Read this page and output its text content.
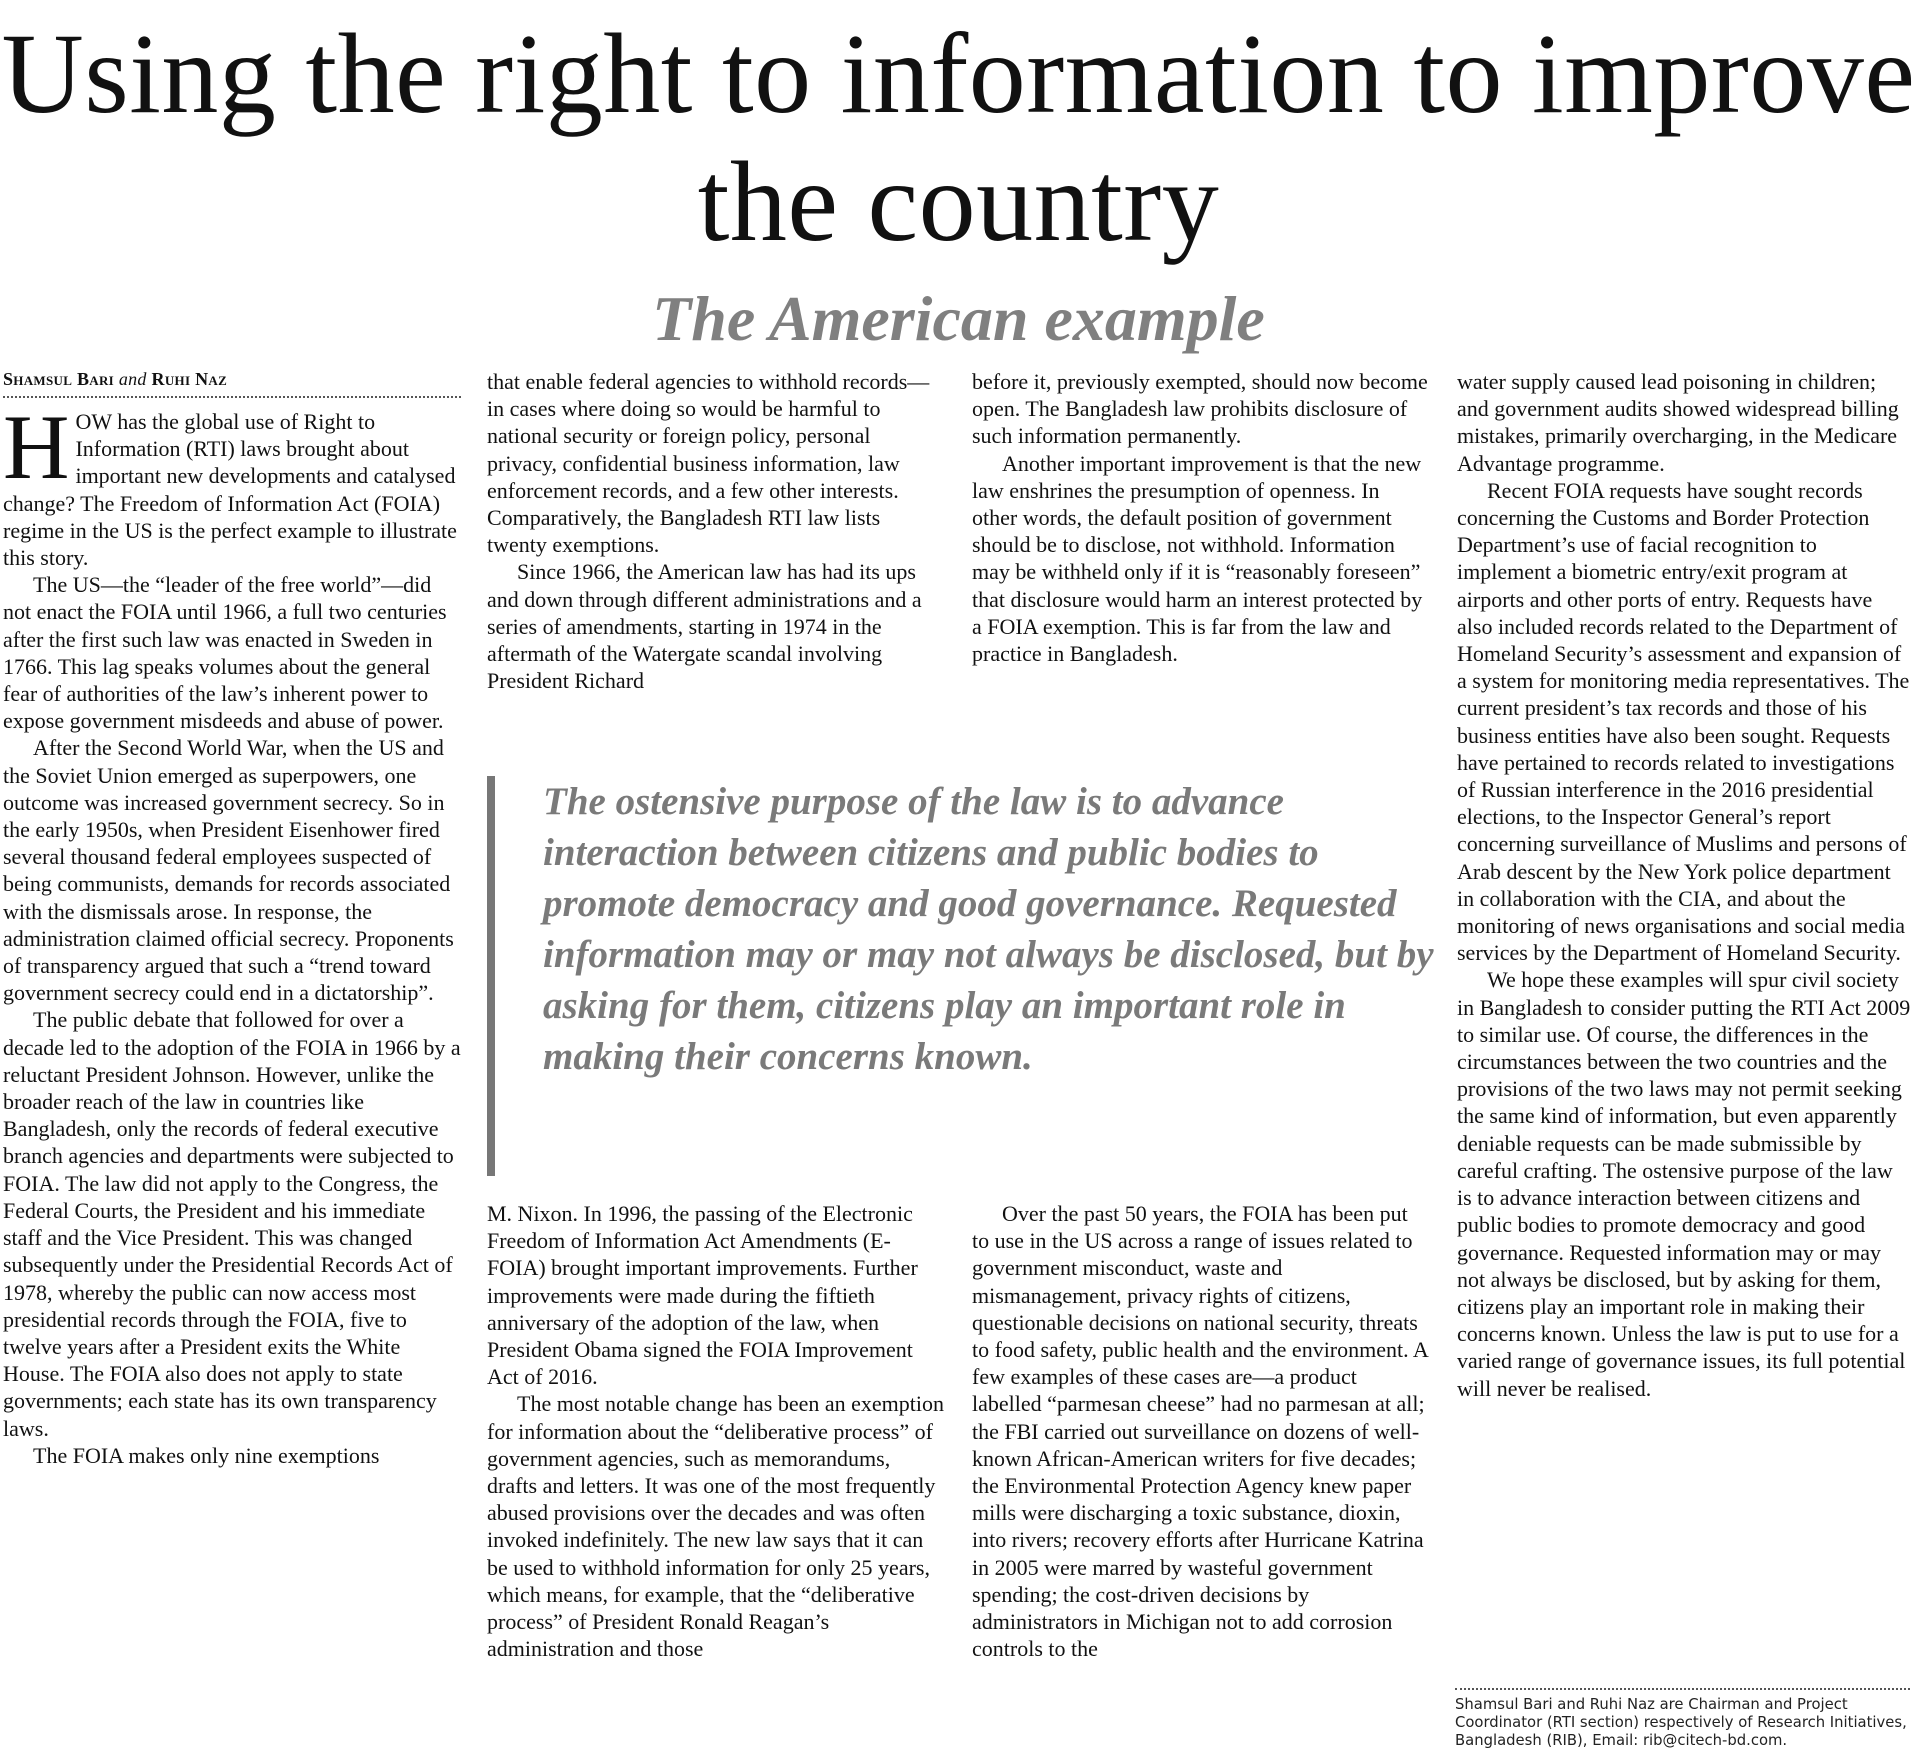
Using the right to information to improve the country
The American example
Shamsul Bari and Ruhi Naz

HOW has the global use of Right to Information (RTI) laws brought about important new developments and catalysed change? The Freedom of Information Act (FOIA) regime in the US is the perfect example to illustrate this story.

The US—the “leader of the free world”—did not enact the FOIA until 1966, a full two centuries after the first such law was enacted in Sweden in 1766. This lag speaks volumes about the general fear of authorities of the law’s inherent power to expose government misdeeds and abuse of power.

After the Second World War, when the US and the Soviet Union emerged as superpowers, one outcome was increased government secrecy. So in the early 1950s, when President Eisenhower fired several thousand federal employees suspected of being communists, demands for records associated with the dismissals arose. In response, the administration claimed official secrecy. Proponents of transparency argued that such a “trend toward government secrecy could end in a dictatorship”.

The public debate that followed for over a decade led to the adoption of the FOIA in 1966 by a reluctant President Johnson. However, unlike the broader reach of the law in countries like Bangladesh, only the records of federal executive branch agencies and departments were subjected to FOIA. The law did not apply to the Congress, the Federal Courts, the President and his immediate staff and the Vice President. This was changed subsequently under the Presidential Records Act of 1978, whereby the public can now access most presidential records through the FOIA, five to twelve years after a President exits the White House. The FOIA also does not apply to state governments; each state has its own transparency laws.

The FOIA makes only nine exemptions

that enable federal agencies to withhold records—in cases where doing so would be harmful to national security or foreign policy, personal privacy, confidential business information, law enforcement records, and a few other interests. Comparatively, the Bangladesh RTI law lists twenty exemptions.

Since 1966, the American law has had its ups and down through different administrations and a series of amendments, starting in 1974 in the aftermath of the Watergate scandal involving President Richard

before it, previously exempted, should now become open. The Bangladesh law prohibits disclosure of such information permanently.

Another important improvement is that the new law enshrines the presumption of openness. In other words, the default position of government should be to disclose, not withhold. Information may be withheld only if it is “reasonably foreseen” that disclosure would harm an interest protected by a FOIA exemption. This is far from the law and practice in Bangladesh.

The ostensive purpose of the law is to advance interaction between citizens and public bodies to promote democracy and good governance. Requested information may or may not always be disclosed, but by asking for them, citizens play an important role in making their concerns known.

M. Nixon. In 1996, the passing of the Electronic Freedom of Information Act Amendments (E-FOIA) brought important improvements. Further improvements were made during the fiftieth anniversary of the adoption of the law, when President Obama signed the FOIA Improvement Act of 2016.

The most notable change has been an exemption for information about the “deliberative process” of government agencies, such as memorandums, drafts and letters. It was one of the most frequently abused provisions over the decades and was often invoked indefinitely. The new law says that it can be used to withhold information for only 25 years, which means, for example, that the “deliberative process” of President Ronald Reagan’s administration and those

Over the past 50 years, the FOIA has been put to use in the US across a range of issues related to government misconduct, waste and mismanagement, privacy rights of citizens, questionable decisions on national security, threats to food safety, public health and the environment. A few examples of these cases are—a product labelled “parmesan cheese” had no parmesan at all; the FBI carried out surveillance on dozens of well-known African-American writers for five decades; the Environmental Protection Agency knew paper mills were discharging a toxic substance, dioxin, into rivers; recovery efforts after Hurricane Katrina in 2005 were marred by wasteful government spending; the cost-driven decisions by administrators in Michigan not to add corrosion controls to the

water supply caused lead poisoning in children; and government audits showed widespread billing mistakes, primarily overcharging, in the Medicare Advantage programme.

Recent FOIA requests have sought records concerning the Customs and Border Protection Department’s use of facial recognition to implement a biometric entry/exit program at airports and other ports of entry. Requests have also included records related to the Department of Homeland Security’s assessment and expansion of a system for monitoring media representatives. The current president’s tax records and those of his business entities have also been sought. Requests have pertained to records related to investigations of Russian interference in the 2016 presidential elections, to the Inspector General’s report concerning surveillance of Muslims and persons of Arab descent by the New York police department in collaboration with the CIA, and about the monitoring of news organisations and social media services by the Department of Homeland Security.

We hope these examples will spur civil society in Bangladesh to consider putting the RTI Act 2009 to similar use. Of course, the differences in the circumstances between the two countries and the provisions of the two laws may not permit seeking the same kind of information, but even apparently deniable requests can be made submissible by careful crafting. The ostensive purpose of the law is to advance interaction between citizens and public bodies to promote democracy and good governance. Requested information may or may not always be disclosed, but by asking for them, citizens play an important role in making their concerns known. Unless the law is put to use for a varied range of governance issues, its full potential will never be realised.

Shamsul Bari and Ruhi Naz are Chairman and Project Coordinator (RTI section) respectively of Research Initiatives, Bangladesh (RIB), Email: rib@citech-bd.com.
